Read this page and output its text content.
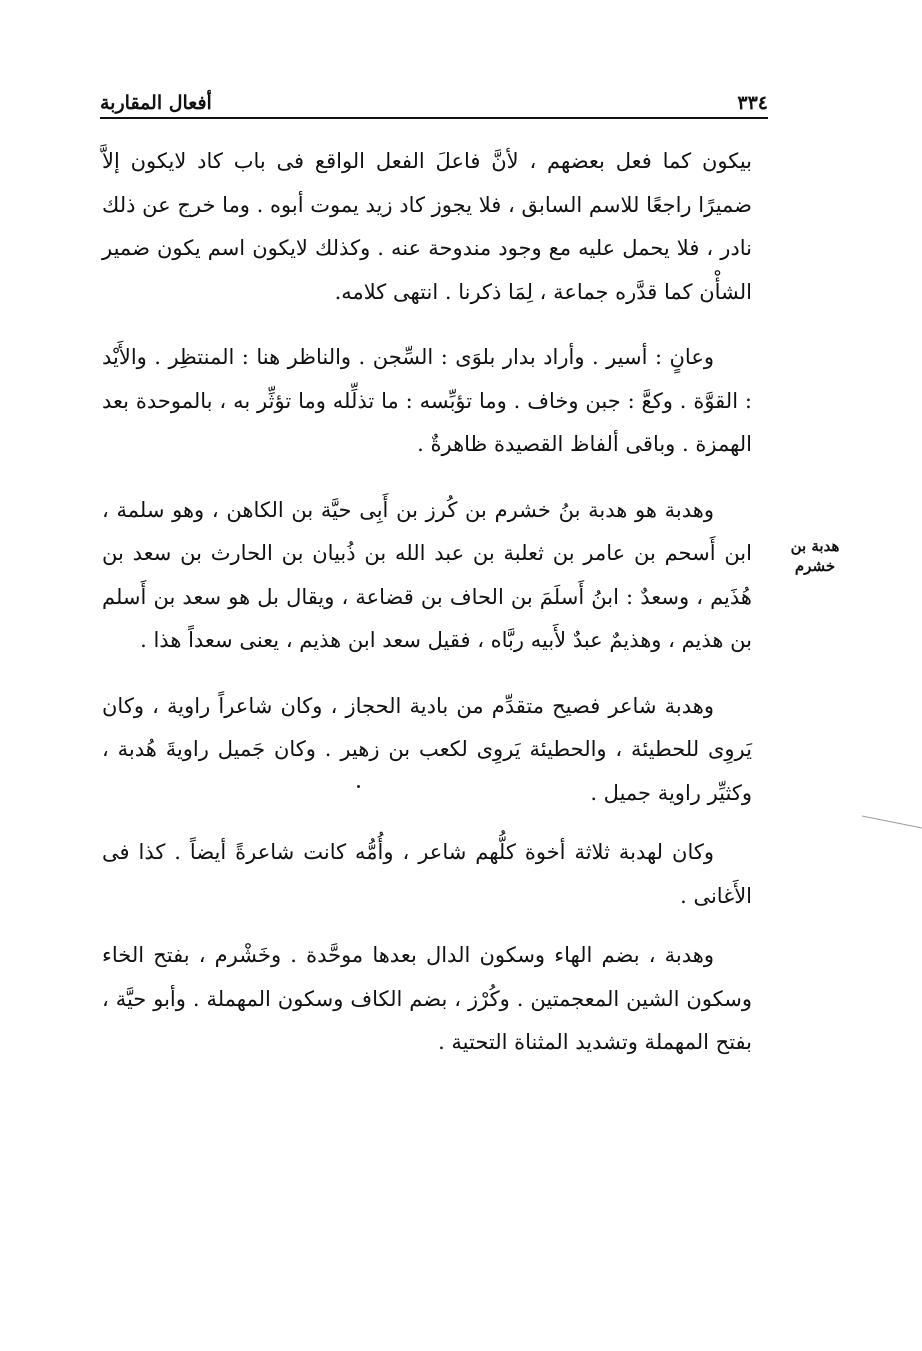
٣٣٤
أفعال المقاربة
هدبة بن
خشرم

بيكون كما فعل بعضهم ، لأنَّ فاعلَ الفعل الواقع فى باب كاد لايكون إلاَّ ضميرًا راجعًا للاسم السابق ، فلا يجوز كاد زيد يموت أبوه . وما خرج عن ذلك نادر ، فلا يحمل عليه مع وجود مندوحة عنه . وكذلك لايكون اسم يكون ضمير الشأْن كما قدَّره جماعة ، لِمَا ذكرنا . انتهى كلامه.

وعانٍ : أسير . وأراد بدار بلوَى : السِّجن . والناظر هنا : المنتظِر . والأَيْد : القوَّة . وكعَّ : جبن وخاف . وما تؤبِّسه : ما تذلِّله وما تؤثِّر به ، بالموحدة بعد الهمزة . وباقى ألفاظ القصيدة ظاهرةٌ .

وهدبة هو هدبة بنُ خشرم بن كُرز بن أَبِى حيَّة بن الكاهن ، وهو سلمة ، ابن أَسحم بن عامر بن ثعلبة بن عبد الله بن ذُبيان بن الحارث بن سعد بن هُذَيم ، وسعدٌ : ابنُ أَسلَمَ بن الحاف بن قضاعة ، ويقال بل هو سعد بن أَسلم بن هذيم ، وهذيمٌ عبدٌ لأَبيه ربَّاه ، فقيل سعد ابن هذيم ، يعنى سعداً هذا .

وهدبة شاعر فصيح متقدِّم من بادية الحجاز ، وكان شاعراً راوية ، وكان يَروِى للحطيئة ، والحطيئة يَروِى لكعب بن زهير . وكان جَميل راويةَ هُدبة ، وكثيِّر راوية جميل .

وكان لهدبة ثلاثة أخوة كلُّهم شاعر ، وأُمُّه كانت شاعرةً أيضاً . كذا فى الأَغانى .

وهدبة ، بضم الهاء وسكون الدال بعدها موحَّدة . وخَشْرم ، بفتح الخاء وسكون الشين المعجمتين . وكُرْز ، بضم الكاف وسكون المهملة . وأبو حيَّة ، بفتح المهملة وتشديد المثناة التحتية .
